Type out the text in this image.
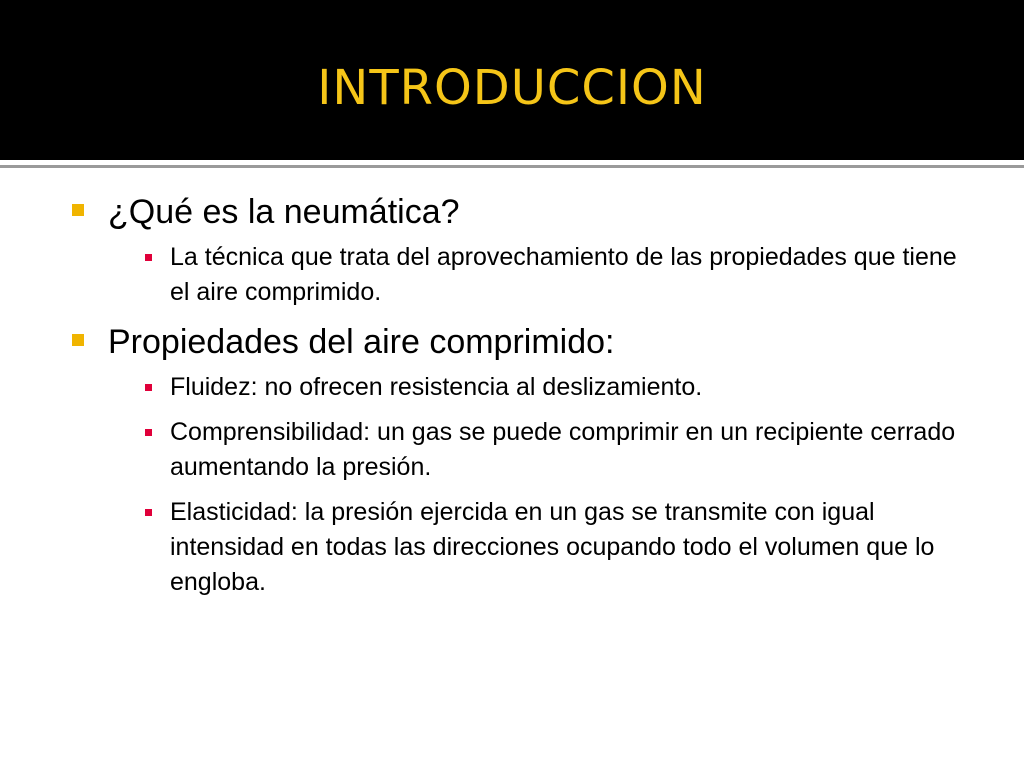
INTRODUCCION
¿Qué es la neumática?
La técnica que trata del aprovechamiento de las propiedades que tiene el aire comprimido.
Propiedades del aire comprimido:
Fluidez: no ofrecen resistencia al deslizamiento.
Comprensibilidad: un gas se puede comprimir en un recipiente cerrado aumentando la presión.
Elasticidad: la presión ejercida en un gas se transmite con igual intensidad en todas las direcciones ocupando todo el volumen que lo engloba.
